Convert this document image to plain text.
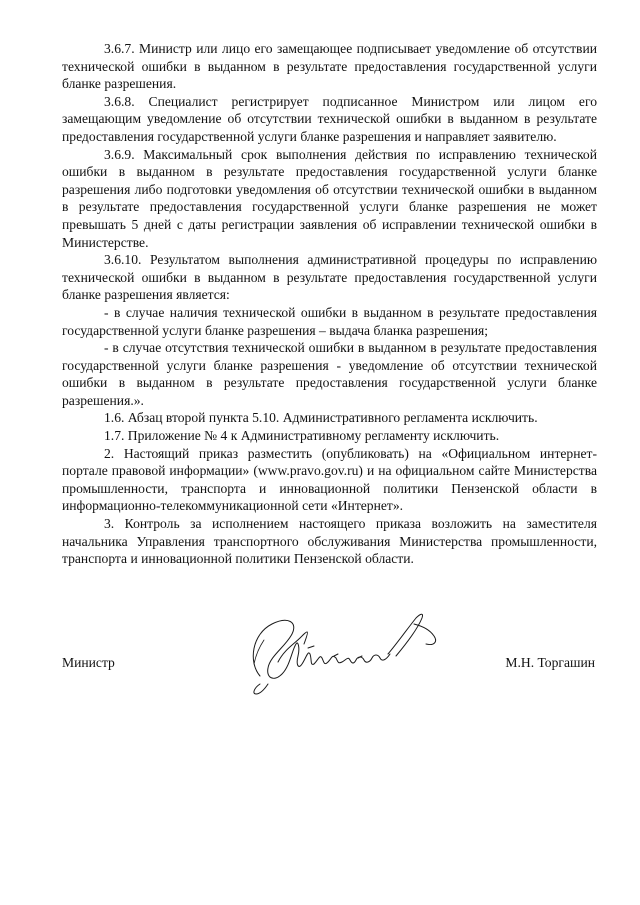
3.6.7. Министр или лицо его замещающее подписывает уведомление об отсутствии технической ошибки в выданном в результате предоставления государственной услуги бланке разрешения.

3.6.8. Специалист регистрирует подписанное Министром или лицом его замещающим уведомление об отсутствии технической ошибки в выданном в результате предоставления государственной услуги бланке разрешения и направляет заявителю.

3.6.9. Максимальный срок выполнения действия по исправлению технической ошибки в выданном в результате предоставления государственной услуги бланке разрешения либо подготовки уведомления об отсутствии технической ошибки в выданном в результате предоставления государственной услуги бланке разрешения не может превышать 5 дней с даты регистрации заявления об исправлении технической ошибки в Министерстве.

3.6.10. Результатом выполнения административной процедуры по исправлению технической ошибки в выданном в результате предоставления государственной услуги бланке разрешения является:

- в случае наличия технической ошибки в выданном в результате предоставления государственной услуги бланке разрешения – выдача бланка разрешения;

- в случае отсутствия технической ошибки в выданном в результате предоставления государственной услуги бланке разрешения - уведомление об отсутствии технической ошибки в выданном в результате предоставления государственной услуги бланке разрешения.».

1.6. Абзац второй пункта 5.10. Административного регламента исключить.

1.7. Приложение № 4 к Административному регламенту исключить.

2. Настоящий приказ разместить (опубликовать) на «Официальном интернет-портале правовой информации» (www.pravo.gov.ru) и на официальном сайте Министерства промышленности, транспорта и инновационной политики Пензенской области в информационно-телекоммуникационной сети «Интернет».

3. Контроль за исполнением настоящего приказа возложить на заместителя начальника Управления транспортного обслуживания Министерства промышленности, транспорта и инновационной политики Пензенской области.

Министр	М.Н. Торгашин
